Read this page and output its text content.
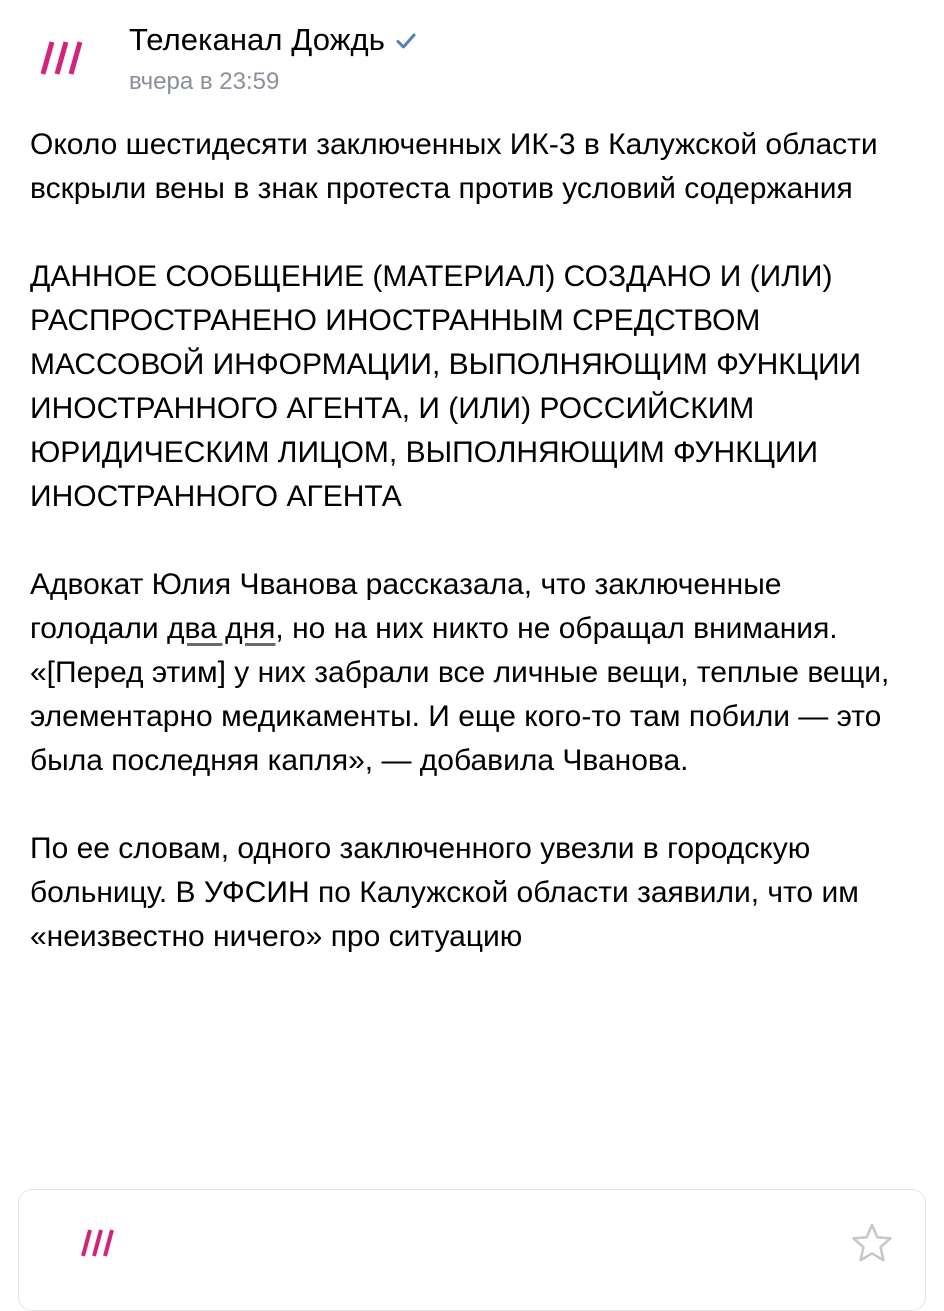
Телеканал Дождь
вчера в 23:59

Около шестидесяти заключенных ИК-3 в Калужской области вскрыли вены в знак протеста против условий содержания

ДАННОЕ СООБЩЕНИЕ (МАТЕРИАЛ) СОЗДАНО И (ИЛИ) РАСПРОСТРАНЕНО ИНОСТРАННЫМ СРЕДСТВОМ МАССОВОЙ ИНФОРМАЦИИ, ВЫПОЛНЯЮЩИМ ФУНКЦИИ ИНОСТРАННОГО АГЕНТА, И (ИЛИ) РОССИЙСКИМ ЮРИДИЧЕСКИМ ЛИЦОМ, ВЫПОЛНЯЮЩИМ ФУНКЦИИ ИНОСТРАННОГО АГЕНТА

Адвокат Юлия Чванова рассказала, что заключенные голодали два дня, но на них никто не обращал внимания. «[Перед этим] у них забрали все личные вещи, теплые вещи, элементарно медикаменты. И еще кого-то там побили — это была последняя капля», — добавила Чванова.

По ее словам, одного заключенного увезли в городскую больницу. В УФСИН по Калужской области заявили, что им «неизвестно ничего» про ситуацию
